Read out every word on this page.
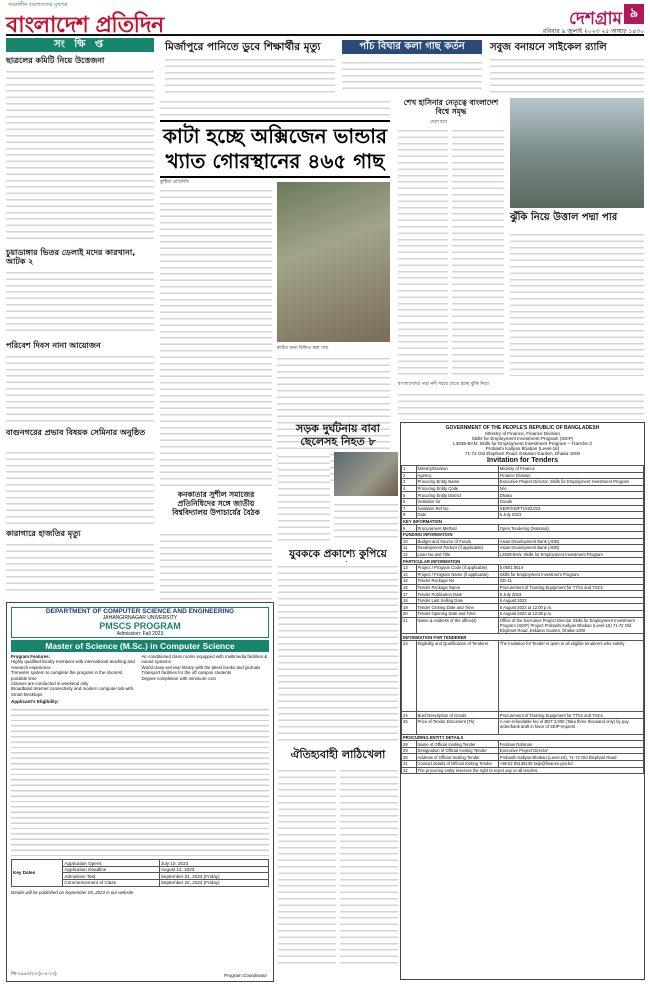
সমকালীন বাংলাদেশের মুখপত্র
বাংলাদেশ প্রতিদিন	দেশগ্রাম ৯
রবিবার ৯ জুলাই ২০২৩ ২৫ আষাঢ় ১৪৩০
সং ক্ষি প্ত
ছাত্রলের কমিটি নিয়ে উত্তেজনা
চুয়াডাঙ্গার ভিতর ডেলাই মদের কারখানা, আটক ২
পরিবেশ দিবস নানা আয়োজন
বাগুনগরের প্রভাব বিষয়ক সেমিনার অনুষ্ঠিত
কারাগারে হাজতির মৃত্যু
মির্জাপুরে পানিতে ডুবে শিক্ষার্থীর মৃত্যু	পাঁচ বিঘার কলা গাছ কর্তন	সবুজ বনায়নে সাইকেল র‌্যালি
কাটা হচ্ছে অক্সিজেন ভান্ডার
খ্যাত গোরস্থানের ৪৬৫ গাছ
কুষ্টিয়া প্রতিনিধি
কাটার জন্য চিহ্নিত করা গাছ
শেখ হাসিনার নেতৃত্বে বাংলাদেশ বিশ্বে সমৃদ্ধ
দেশে হবে
বাংলাদেশের পদ্মা নদী শহরে যেতে হচ্ছে ঝুঁকি নিয়ে
ঝুঁকি নিয়ে উত্তাল পদ্মা পার
কনকাতার সুশীল সমাজের প্রতিনিধিদের সঙ্গে জাতীয় বিশ্ববিদ্যালয় উপাচার্যের বৈঠক
সড়ক দুর্ঘটনায় বাবা ছেলেসহ নিহত ৮
যুবককে প্রকাশ্যে কুপিয়ে
ঐতিহ্যবাহী লাঠিখেলা
GOVERNMENT OF THE PEOPLE'S REPUBLIC OF BANGLADESH
Ministry of Finance, Finance Division
Skills for Employment Investment Program (SEIP)
L3939-BAN: Skills for Employment Investment Program – Tranche 3
Probashi Kallyan Bhaban (Level-16)
71-72 Old Elephant Road, Eskaton Garden, Dhaka-1000
Invitation for Tenders
1	Ministry/Division	Ministry of Finance
2	Agency	Finance Division
3	Procuring Entity Name	Executive Project Director, Skills for Employment Investment Program
4	Procuring Entity Code	N/A
5	Procuring Entity District	Dhaka
6	Invitation for	Goods
7	Invitation Ref No	SEIP/GD/FTI/2023/23
8	Date	5 July 2023
KEY INFORMATION		
9	Procurement Method	Open Tendering (National)
FUNDING INFORMATION		
10	Budget and Source of Funds	Asian Development Bank (ADB)
11	Development Partner (if applicable)	Asian Development Bank (ADB)
12	Loan No and Title	L3939-BAN: Skills for Employment Investment Program
PARTICULAR INFORMATION		
13	Project / Program Code (if applicable)	5.0601.0514
14	Project / Program Name (if applicable)	Skills for Employment Investment Program
15	Tender Package No	GD-11
16	Tender Package Name	Procurement of Training Equipment for TTCs and TSCs
17	Tender Publication Date	5 July 2023
18	Tender Last Selling Date	6 August 2023
19	Tender Closing Date and Time	6 August 2023 at 12:00 p.m.
20	Tender Opening Date and Time	6 August 2023 at 12:30 p.m.
21	Name & Address of the office(s)	Office of the Executive Project Director Skills for Employment Investment Program (SEIP) Project Probashi Kallyan Bhaban (Level-16) 71-72 Old Elephant Road, Eskaton Garden, Dhaka-1000
INFORMATION FOR TENDERER		
23	Eligibility and Qualification of Tenderer	The Invitation for Tender is open to all eligible tenderers who satisfy
24	Brief Description of Goods	Procurement of Training Equipment for TTCs and TSCs
25	Price of Tender Document (Tk)	A non-refundable fee of BDT 3,000 (Taka three thousand only) by pay order/bank draft in favor of SEIP-Imprest
PROCURING ENTITY DETAILS		
28	Name of Official Inviting Tender	Ferdous Rahman
29	Designation of Official Inviting Tender	Executive Project Director
30	Address of Official Inviting Tender	Probashi Kallyan Bhaban (Level-16), 71-72 Old Elephant Road
31	Contact details of Official Inviting Tender	+88 02 55138130 seip@finance.gov.bd
32	The procuring entity reserves the right to reject any or all tenders.	
DEPARTMENT OF COMPUTER SCIENCE AND ENGINEERING
JAHANGIRNAGAR UNIVERSITY
PMSCS PROGRAM
Admission: Fall 2023
Master of Science (M.Sc.) in Computer Science
Program Features:
Highly qualified faculty members with international teaching and research experience
Trimester system to complete the program in the shortest possible time
Classes are conducted in weekend only
Broadband Internet connectivity and modern computer lab with Smart Desktops
Air-conditioned class rooms equipped with multimedia facilities & sound systems
World class seminar library with the latest books and journals
Transport facilities for the off campus students
Degree completion with minimum cost
Applicant's Eligibility:
Key Dates	Application Opens	July 10, 2023
	Application Deadline	August 12, 2023
	Admission Test	September 01, 2023 (Friday)
	Commencement of Class	September 22, 2023 (Friday)
Details will be published on September 05, 2023 in our website
জি-১৯৪০/২৩ (৮-৭-২৩)	Program Coordinator
